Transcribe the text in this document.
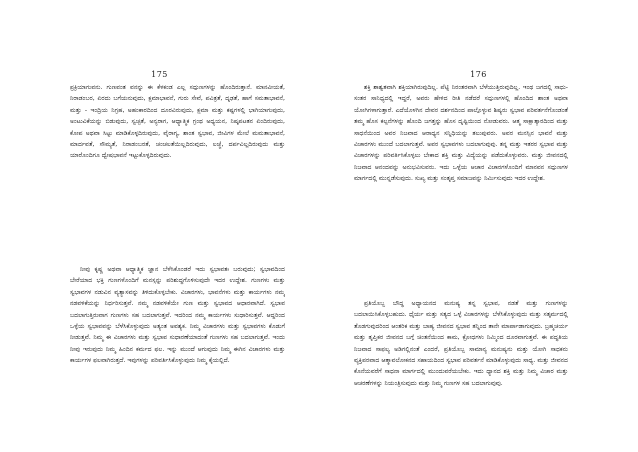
175

ಪ್ರಕ್ರಿಯಾಗುವನು. ಗುಣವಂತ ವನನ್ನು ಈ ಕೆಳಕಂಡ ಎಲ್ಲ ಸದ್ಗುಣಗಳನ್ನು ಹೊಂದಿರುತ್ತಾನೆ. ಮಾನವೀಯತೆ, ನಿರಾಡಂಬರ, ಏರದು ಬಗೆಯನುವುದು, ಕ್ಷಮಾಭಾವನೆ, ಗುರು ಸೇವೆ, ಪವಿತ್ರತೆ, ದೃಢತೆ, ಹಾಗೆ ಸಮತಾಭಾವನೆ, ಮತ್ತು - ಇಂದ್ರಿಯ ನಿಗ್ರಹ, ಅಹಂಕಾರದಿಂದ ದೂರವಿರುವುದು, ಕ್ಷಮಾ ಮತ್ತು ಕಷ್ಟಗಳಲ್ಲಿ ಭಾಗಿಯಾಗುವುದು, ಅಂಟುವಿಕೆಯನ್ನು ಬಿಡುವುದು, ಸ್ವಚ್ಛತೆ, ಅನ್ಯರಾಗ, ಆಧ್ಯಾತ್ಮಿಕ ಗ್ರಂಥ ಅಧ್ಯಯನ, ನಿಷ್ಕಪಟತನ ಏಂದಿರುವುದು, ಕೋಪ ಅಥವಾ ಸಿಟ್ಟು ಮಾಡಿಕೊಳ್ಳದಿರುವುದು, ವೈರಾಗ್ಯ, ಶಾಂತ ಸ್ವಭಾವ, ಜೀವಿಗಳ ಮೇಲೆ ಮಮತಾಭಾವನೆ, ಮಾರ್ದವತೆ, ಸೌಮ್ಯತೆ, ನಿರಾಡಂಬರತೆ, ಚಂಚಲತೆಯಿಲ್ಲದಿರುವುದು, ಲಜ್ಜೆ, ದರ್ಪವಿಲ್ಲದಿರುವುದು ಮತ್ತು ಯಾರೊಂದಿಗೂ ದ್ವೇಷಭಾವನೆ ಇಟ್ಟುಕೊಳ್ಳದಿರುವುದು.

ನೀವು ಕೃಷ್ಣ ಅಥವಾ ಆಧ್ಯಾತ್ಮಿಕ ಜ್ಞಾನ ಬೆಳೆಸಿಕೊಂಡರೆ ಇದು ಸ್ವಭಾವತಃ ಬರುವುದು; ಸ್ವಭಾವದಿಂದ ಬೇರೆಯಾದ ಭಕ್ತಿ ಗುಣಗಳೊಂದಿಗೆ ಮನಸ್ಸನ್ನು ಪರಿಶುದ್ಧಗೊಳಿಸುವುದೇ ಇದರ ಉದ್ದೇಶ. ಗುಣಗಳು ಮತ್ತು ಸ್ವಭಾವಗಳ ನಡುವಿನ ವ್ಯತ್ಯಾಸವನ್ನು ತಿಳಿದುಕೊಳ್ಳಬೇಕು. ವಿಚಾರಗಳು, ಭಾವನೆಗಳು ಮತ್ತು ಕಾರ್ಯಗಳು ನಮ್ಮ ನಡವಳಿಕೆಯನ್ನು ನಿರ್ಧರಿಸುತ್ತವೆ. ನಮ್ಮ ನಡವಳಿಕೆಯೇ ಗುಣ ಮತ್ತು ಸ್ವಭಾವದ ಆಧಾರವಾಗಿದೆ. ಸ್ವಭಾವ ಬದಲಾಗುತ್ತಿರುವಾಗ ಗುಣಗಳು ಸಹ ಬದಲಾಗುತ್ತವೆ. ಇದರಿಂದ ನಮ್ಮ ಕಾರ್ಯಗಳು ಸುಧಾರಿಸುತ್ತವೆ. ಆದ್ದರಿಂದ ಒಳ್ಳೆಯ ಸ್ವಭಾವವನ್ನು ಬೆಳೆಸಿಕೊಳ್ಳುವುದು ಅತ್ಯಂತ ಅವಶ್ಯಕ. ನಿಮ್ಮ ವಿಚಾರಗಳು ಮತ್ತು ಸ್ವಭಾವಗಳು ಕೊಡುಗೆ ನೀಡುತ್ತವೆ. ನಿಮ್ಮ ಈ ವಿಚಾರಗಳು ಮತ್ತು ಸ್ವಭಾವ ಸುಧಾರಣೆಯಾದಂತೆ ಗುಣಗಳು ಸಹ ಬದಲಾಗುತ್ತವೆ. ಇಂದು ನೀವು ಇರುವುದು ನಿಮ್ಮ ಹಿಂದಿನ ಕರ್ಮದ ಫಲ. ಇನ್ನು ಮುಂದೆ ಆಗುವುದು ನಿಮ್ಮ ಈಗಿನ ವಿಚಾರಗಳು ಮತ್ತು ಕಾರ್ಯಗಳ ಫಲವಾಗಿರುತ್ತದೆ. ಇವುಗಳನ್ನು ಪರಿವರ್ತಿಸಿಕೊಳ್ಳುವುದು ನಿಮ್ಮ ಕೈಯಲ್ಲಿದೆ.

176

ಶಕ್ತಿ ಶಾಶ್ವತವಾಗಿ ಶಕ್ತಿಯಾಗಿರುವುದಿಲ್ಲ. ಪೆಟ್ಟಿ ನಿರಂತರವಾಗಿ ಬೆಳೆಯುತ್ತಿರುವುದಿಲ್ಲ. ಇಂಥ ಜಗದಲ್ಲಿ ಸಾಧು-ಸಂತರ ಸಾನಿಧ್ಯದಲ್ಲಿ ಇದ್ದರೆ, ಅವರು ಹೇಳಿದ ರೀತಿ ನಡೆದರೆ ಸದ್ಗುಣಗಳಲ್ಲಿ ಹೊಂದಿದ ಶಾಂತ ಅಥವಾ ಯೋಗಿಗಳಾಗುತ್ತಾರೆ. ಎದೆಯೊಳಗಿನ ದೇವರ ದರ್ಶನದಿಂದ ಪಾಲ್ಗೊಳ್ಳುವ ಶಿಷ್ಯರು ಸ್ವಭಾವ ಪರಿವರ್ತನೆಗೊಂಡಂತೆ ತಮ್ಮ ಹೊಸ ಕಲ್ಪನೆಗಳನ್ನು ಹೊಂದಿ ಜಗತ್ತನ್ನು ಹೊಸ ದೃಷ್ಟಿಯಿಂದ ನೋಡುವರು. ಆತ್ಮ ಸಾಕ್ಷಾತ್ಕಾರದಿಂದ ಮತ್ತು ಸಾಧನೆಯಿಂದ ಅವರ ನಿಜವಾದ ಆರಾಧ್ಯನ ಸನ್ನಿಧಿಯನ್ನು ತಲುಪುವರು. ಅವರ ಮನಸ್ಸಿನ ಭಾವನೆ ಮತ್ತು ವಿಚಾರಗಳು ಮುಂದೆ ಬದಲಾಗುತ್ತವೆ. ಅವರ ಸ್ವಭಾವಗಳು ಬದಲಾಗುವುವು. ತನ್ನ ಮತ್ತು ಇತರರ ಸ್ವಭಾವ ಮತ್ತು ವಿಚಾರಗಳನ್ನು ಪರಿವರ್ತಿಸಿಕೊಳ್ಳಲು ಬೇಕಾದ ಶಕ್ತಿ ಮತ್ತು ವಿದ್ಯೆಯನ್ನು ಪಡೆದುಕೊಳ್ಳುವರು. ಮತ್ತು ಜೀವನದಲ್ಲಿ ನಿಜವಾದ ಆನಂದವನ್ನು ಅನುಭವಿಸುವರು. ಇದು ಒಳ್ಳೆಯ ಆಚಾರ ವಿಚಾರಗಳೊಂದಿಗೆ ಮಾನವನ ಸದ್ಗುಣಗಳ ಮಾರ್ಗದಲ್ಲಿ ಮುನ್ನಡೆಸುವುದು. ಸುಖ್ಯ ಮತ್ತು ಸಂತೃಪ್ತ ಸಮಾಜವನ್ನು ನಿರ್ಮಿಸುವುದು ಇದರ ಉದ್ದೇಶ.

ಪ್ರತಿಯೊಬ್ಬ ಬೌದ್ಧ ಅಧ್ಯಾಯನದ ಮನುಷ್ಯ ತನ್ನ ಸ್ವಭಾವ, ನಡತೆ ಮತ್ತು ಗುಣಗಳನ್ನು ಬದಲಾಯಿಸಿಕೊಳ್ಳಬಹುದು. ಧೈರ್ಯ ಮತ್ತು ಸತ್ಯದ ಒಳ್ಳೆ ವಿಚಾರಗಳನ್ನು ಬೆಳೆಸಿಕೊಳ್ಳುವುದು ಮತ್ತು ಸತ್ಕರ್ಮದಲ್ಲಿ ತೊಡಗುವುದರಿಂದ ಆಂತರಿಕ ಮತ್ತು ಬಾಹ್ಯ ಜೀವನದ ಸ್ವಭಾವ ತನ್ನಿಂದ ತಾನೇ ಮಾರ್ಪಾಡಾಗುವುದು. ಬ್ರಹ್ಮಚರ್ಯ ಮತ್ತು ತೃಪ್ತಿಕರ ಜೀವನದ ಬಗ್ಗೆ ಚಿಂತನೆಯಿಂದ ಕಾಮ, ಕ್ರೋಧಗಳು ನಿಮ್ಮಿಂದ ದೂರವಾಗುತ್ತವೆ. ಈ ಪದ್ಧತಿಯ ನಿಜವಾದ ಸಾಫಲ್ಯ ಅಡಿಗಲ್ಲಿನಂತೆ ಎಂದರೆ, ಪ್ರತಿಯೊಬ್ಬ ಸಾಮಾನ್ಯ ಮನುಷ್ಯನು ಮತ್ತು ಯೋಗಿ ಸಾಧಕನು ವ್ಯಕ್ತಿಪರವಾದ ಆತ್ಮಾವಲೋಕನದ ಸಹಾಯದಿಂದ ಸ್ವಭಾವ ಪರಿವರ್ತನೆ ಮಾಡಿಕೊಳ್ಳುವುದು ಸಾಧ್ಯ. ಮತ್ತು ಜೀವನದ ಕೊನೆಯವರೆಗೆ ಸಾಧನಾ ಮಾರ್ಗದಲ್ಲಿ ಮುಂದುವರೆಯಬೇಕು. ಇದು ಧ್ಯಾನದ ಶಕ್ತಿ ಮತ್ತು ನಿಮ್ಮ ವಿಚಾರ ಮತ್ತು ಆಚರಣೆಗಳನ್ನು ನಿಯಂತ್ರಿಸುವುದು ಮತ್ತು ನಿಮ್ಮ ಗುಣಗಳ ಸಹ ಬದಲಾಗುವುವು.
